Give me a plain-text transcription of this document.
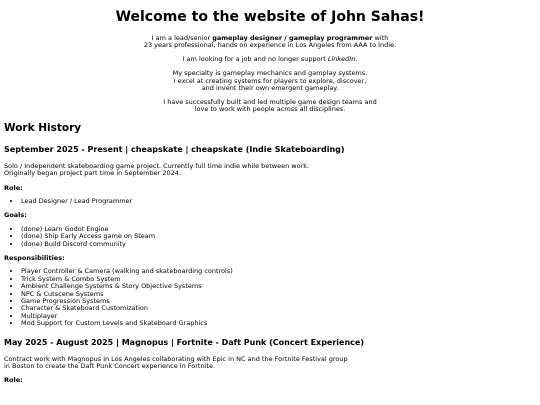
Welcome to the website of John Sahas!

I am a lead/senior gameplay designer / gameplay programmer with
23 years professional, hands on experience in Los Angeles from AAA to Indie.

I am looking for a job and no longer support LinkedIn.

My specialty is gameplay mechanics and gamplay systems.
I excel at creating systems for players to explore, discover,
and invent their own emergent gameplay.

I have successfully built and led multiple game design teams and
love to work with people across all disciplines.

Work History
September 2025 - Present | cheapskate | cheapskate (Indie Skateboarding)

Solo / Independent skateboarding game project. Currently full time indie while between work.
Originally began project part time in September 2024.

Role:
• Lead Designer / Lead Programmer
Goals:
• (done) Learn Godot Engine
• (done) Ship Early Access game on Steam
• (done) Build Discord community
Responsibilities:
• Player Controller & Camera (walking and skateboarding controls)
• Trick System & Combo System
• Ambient Challenge Systems & Story Objective Systems
• NPC & Cutscene Systems
• Game Progression Systems
• Character & Skateboard Customization
• Multiplayer
• Mod Support for Custom Levels and Skateboard Graphics
May 2025 - August 2025 | Magnopus | Fortnite - Daft Punk (Concert Experience)

Contract work with Magnopus in Los Angeles collaborating with Epic in NC and the Fortnite Festival group
in Boston to create the Daft Punk Concert experience in Fortnite.

Role:
